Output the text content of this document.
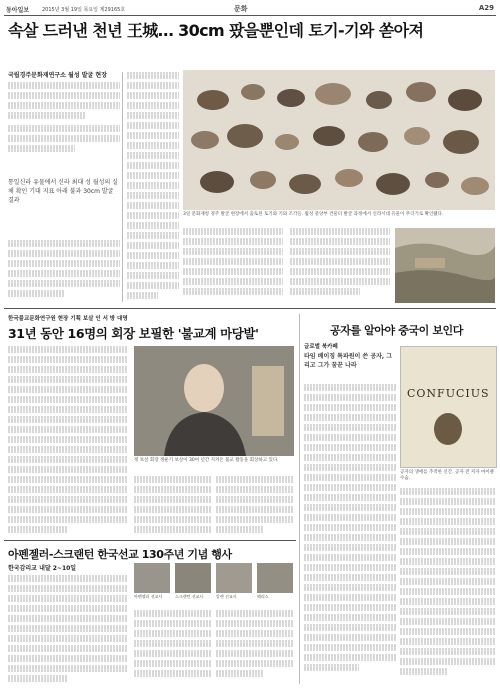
동아일보	2015년 3월 19일 목요일 제29165호	문화	A29
속살 드러낸 천년 王城… 30cm 팠을뿐인데 토기-기와 쏟아져
국립경주문화재연구소 월성 발굴 현장
통일신라 유물에서 신라 최대 성 월성의 실체 확인 기대 지표 아래 불과 30cm 발굴 결과
3일 문화재청 경주 발굴 현장에서 출토된 토기와 기와 조각들. 월성 중앙부 건물터 발굴 과정에서 신라시대 유물이 무더기로 확인됐다.
한국불교문화연구원 현장 기획 보살 인 서 방 대영
31년 동안 16명의 회장 보필한 '불교계 마당발'
정 보살 회장 정운기 보살이 30여 년간 지켜온 불교 활동을 회상하고 있다.
공자를 알아야 중국이 보인다
글로벌 북카페
타임 베이징 특파원이 쓴 공자, 그리고 그가 꿈꾼 나라
CONFUCIUS
공자의 생애를 추적한 신간. 공자 전 저자 마이클 수숨.
아펜젤러-스크랜턴 한국선교 130주년 기념 행사
한국감리교 내달 2~10일
아펜젤러 선교사	스크랜턴 선교사	알렌 선교사	해리스
